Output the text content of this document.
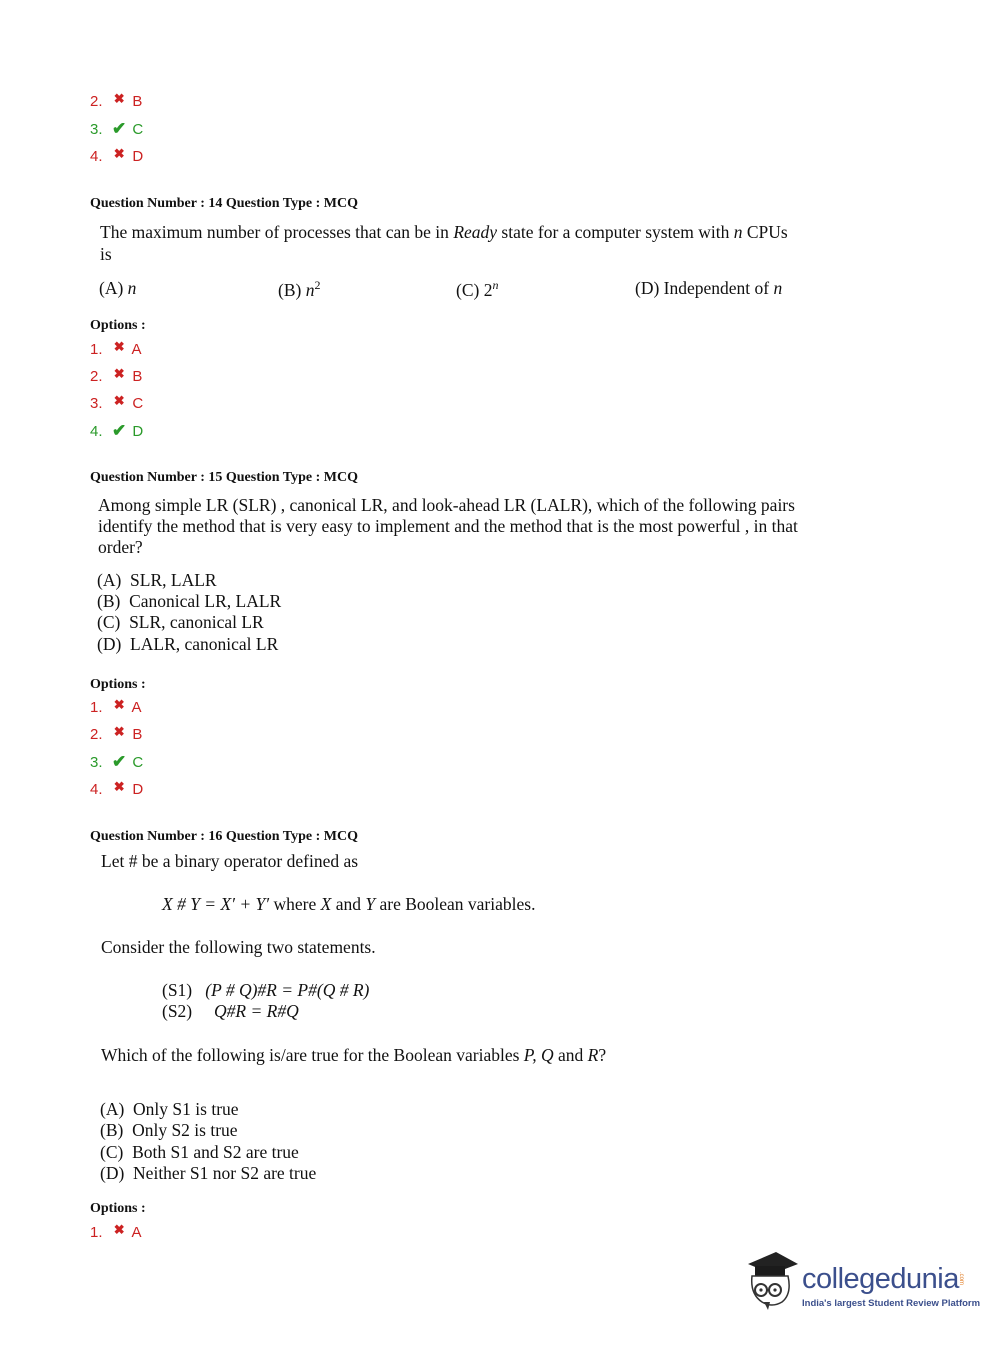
2. ✖ B
3. ✔ C
4. ✖ D
Question Number : 14 Question Type : MCQ
The maximum number of processes that can be in Ready state for a computer system with n CPUs
is
(A) n	(B) $n^2$	(C) 2$^n$	(D) Independent of n
Options :
1. ✖ A
2. ✖ B
3. ✖ C
4. ✔ D
Question Number : 15 Question Type : MCQ
Among simple LR (SLR) , canonical LR, and look-ahead LR (LALR), which of the following pairs
identify the method that is very easy to implement and the method that is the most powerful , in that
order?
(A) SLR, LALR
(B) Canonical LR, LALR
(C) SLR, canonical LR
(D) LALR, canonical LR
Options :
1. ✖ A
2. ✖ B
3. ✔ C
4. ✖ D
Question Number : 16 Question Type : MCQ
Let # be a binary operator defined as
X # Y = X′ + Y′ where X and Y are Boolean variables.
Consider the following two statements.
(S1) (P # Q)#R = P#(Q # R)
(S2) Q#R = R#Q
Which of the following is/are true for the Boolean variables P, Q and R?
(A) Only S1 is true
(B) Only S2 is true
(C) Both S1 and S2 are true
(D) Neither S1 nor S2 are true
Options :
1. ✖ A
collegedunia .com
India's largest Student Review Platform
